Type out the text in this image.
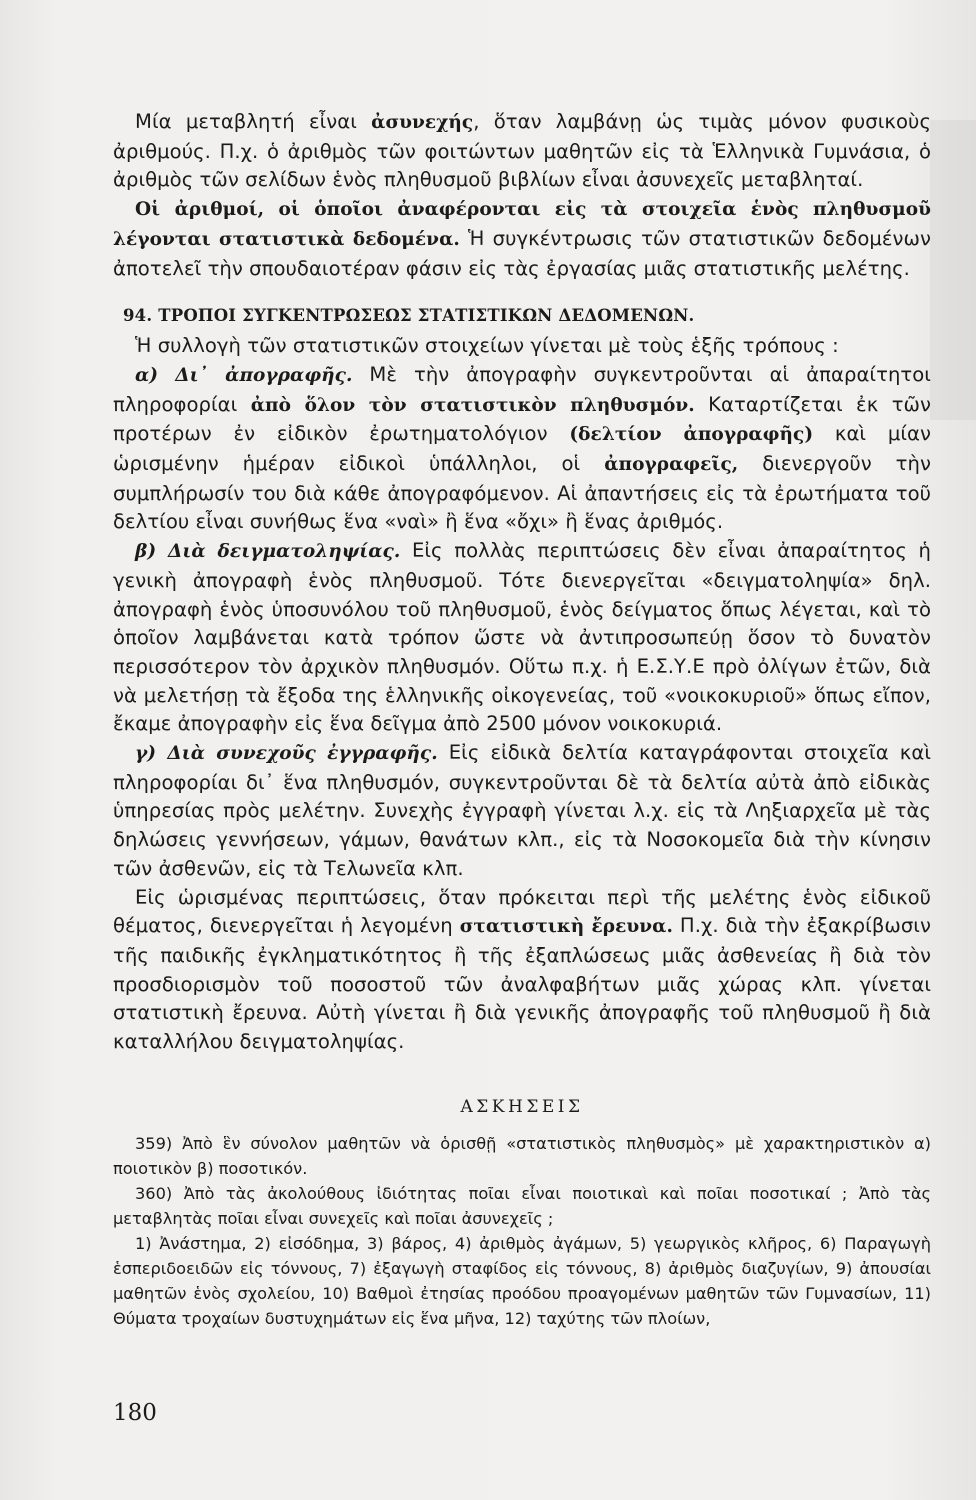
Μία μεταβλητή εἶναι ἀσυνεχής, ὅταν λαμβάνῃ ὡς τιμὰς μόνον φυσικοὺς ἀριθμούς. Π.χ. ὁ ἀριθμὸς τῶν φοιτώντων μαθητῶν εἰς τὰ Ἑλληνικὰ Γυμνάσια, ὁ ἀριθμὸς τῶν σελίδων ἑνὸς πληθυσμοῦ βιβλίων εἶναι ἀσυνεχεῖς μεταβληταί.

Οἱ ἀριθμοί, οἱ ὁποῖοι ἀναφέρονται εἰς τὰ στοιχεῖα ἑνὸς πληθυσμοῦ λέγονται στατιστικὰ δεδομένα. Ἡ συγκέντρωσις τῶν στατιστικῶν δεδομένων ἀποτελεῖ τὴν σπουδαιοτέραν φάσιν εἰς τὰς ἐργασίας μιᾶς στατιστικῆς μελέτης.

94. ΤΡΟΠΟΙ ΣΥΓΚΕΝΤΡΩΣΕΩΣ ΣΤΑΤΙΣΤΙΚΩΝ ΔΕΔΟΜΕΝΩΝ.

Ἡ συλλογὴ τῶν στατιστικῶν στοιχείων γίνεται μὲ τοὺς ἑξῆς τρόπους :

α) Δι᾽ ἀπογραφῆς. Μὲ τὴν ἀπογραφὴν συγκεντροῦνται αἱ ἀπαραίτητοι πληροφορίαι ἀπὸ ὅλον τὸν στατιστικὸν πληθυσμόν. Καταρτίζεται ἐκ τῶν προτέρων ἐν εἰδικὸν ἐρωτηματολόγιον (δελτίον ἀπογραφῆς) καὶ μίαν ὡρισμένην ἡμέραν εἰδικοὶ ὑπάλληλοι, οἱ ἀπογραφεῖς, διενεργοῦν τὴν συμπλήρωσίν του διὰ κάθε ἀπογραφόμενον. Αἱ ἀπαντήσεις εἰς τὰ ἐρωτήματα τοῦ δελτίου εἶναι συνήθως ἕνα «ναὶ» ἢ ἕνα «ὄχι» ἢ ἕνας ἀριθμός.

β) Διὰ δειγματοληψίας. Εἰς πολλὰς περιπτώσεις δὲν εἶναι ἀπαραίτητος ἡ γενικὴ ἀπογραφὴ ἑνὸς πληθυσμοῦ. Τότε διενεργεῖται «δειγματοληψία» δηλ. ἀπογραφὴ ἑνὸς ὑποσυνόλου τοῦ πληθυσμοῦ, ἑνὸς δείγματος ὅπως λέγεται, καὶ τὸ ὁποῖον λαμβάνεται κατὰ τρόπον ὥστε νὰ ἀντιπροσωπεύῃ ὅσον τὸ δυνατὸν περισσότερον τὸν ἀρχικὸν πληθυσμόν. Οὕτω π.χ. ἡ Ε.Σ.Υ.Ε πρὸ ὀλίγων ἐτῶν, διὰ νὰ μελετήσῃ τὰ ἔξοδα της ἑλληνικῆς οἰκογενείας, τοῦ «νοικοκυριοῦ» ὅπως εἴπον, ἔκαμε ἀπογραφὴν εἰς ἕνα δεῖγμα ἀπὸ 2500 μόνον νοικοκυριά.

γ) Διὰ συνεχοῦς ἐγγραφῆς. Εἰς εἰδικὰ δελτία καταγράφονται στοιχεῖα καὶ πληροφορίαι δι᾽ ἕνα πληθυσμόν, συγκεντροῦνται δὲ τὰ δελτία αὐτὰ ἀπὸ εἰδικὰς ὑπηρεσίας πρὸς μελέτην. Συνεχὴς ἐγγραφὴ γίνεται λ.χ. εἰς τὰ Ληξιαρχεῖα μὲ τὰς δηλώσεις γεννήσεων, γάμων, θανάτων κλπ., εἰς τὰ Νοσοκομεῖα διὰ τὴν κίνησιν τῶν ἀσθενῶν, εἰς τὰ Τελωνεῖα κλπ.

Εἰς ὡρισμένας περιπτώσεις, ὅταν πρόκειται περὶ τῆς μελέτης ἑνὸς εἰδικοῦ θέματος, διενεργεῖται ἡ λεγομένη στατιστικὴ ἔρευνα. Π.χ. διὰ τὴν ἐξακρίβωσιν τῆς παιδικῆς ἐγκληματικότητος ἢ τῆς ἐξαπλώσεως μιᾶς ἀσθενείας ἢ διὰ τὸν προσδιορισμὸν τοῦ ποσοστοῦ τῶν ἀναλφαβήτων μιᾶς χώρας κλπ. γίνεται στατιστικὴ ἔρευνα. Αὐτὴ γίνεται ἢ διὰ γενικῆς ἀπογραφῆς τοῦ πληθυσμοῦ ἢ διὰ καταλλήλου δειγματοληψίας.

ΑΣΚΗΣΕΙΣ

359) Ἀπὸ ἓν σύνολον μαθητῶν νὰ ὁρισθῇ «στατιστικὸς πληθυσμὸς» μὲ χαρακτηριστικὸν α) ποιοτικὸν β) ποσοτικόν.

360) Ἀπὸ τὰς ἀκολούθους ἰδιότητας ποῖαι εἶναι ποιοτικαὶ καὶ ποῖαι ποσοτικαί ; Ἀπὸ τὰς μεταβλητὰς ποῖαι εἶναι συνεχεῖς καὶ ποῖαι ἀσυνεχεῖς ;

1) Ἀνάστημα, 2) εἰσόδημα, 3) βάρος, 4) ἀριθμὸς ἀγάμων, 5) γεωργικὸς κλῆρος, 6) Παραγωγὴ ἑσπεριδοειδῶν εἰς τόννους, 7) ἐξαγωγὴ σταφίδος εἰς τόννους, 8) ἀριθμὸς διαζυγίων, 9) ἀπουσίαι μαθητῶν ἑνὸς σχολείου, 10) Βαθμοὶ ἐτησίας προόδου προαγομένων μαθητῶν τῶν Γυμνασίων, 11) Θύματα τροχαίων δυστυχημάτων εἰς ἕνα μῆνα, 12) ταχύτης τῶν πλοίων,

180
